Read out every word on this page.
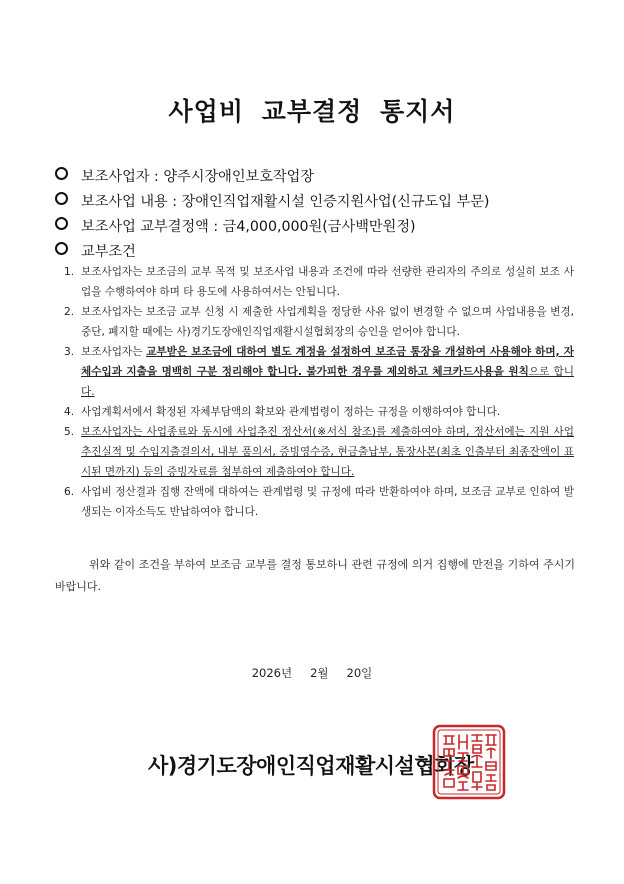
사업비 교부결정 통지서
보조사업자 : 양주시장애인보호작업장
보조사업 내용 : 장애인직업재활시설 인증지원사업(신규도입 부문)
보조사업 교부결정액 : 금4,000,000원(금사백만원정)
교부조건
1. 보조사업자는 보조금의 교부 목적 및 보조사업 내용과 조건에 따라 선량한 관리자의 주의로 성실히 보조 사업을 수행하여야 하며 타 용도에 사용하여서는 안됩니다.
2. 보조사업자는 보조금 교부 신청 시 제출한 사업계획을 정당한 사유 없이 변경할 수 없으며 사업내용을 변경, 중단, 폐지할 때에는 사)경기도장애인직업재활시설협회장의 승인을 얻어야 합니다.
3. 보조사업자는 교부받은 보조금에 대하여 별도 계정을 설정하여 보조금 통장을 개설하여 사용해야 하며, 자체수입과 지출을 명백히 구분 정리해야 합니다. 불가피한 경우를 제외하고 체크카드사용을 원칙으로 합니다.
4. 사업계획서에서 확정된 자체부담액의 확보와 관계법령이 정하는 규정을 이행하여야 합니다.
5. 보조사업자는 사업종료와 동시에 사업추진 정산서(※서식 참조)를 제출하여야 하며, 정산서에는 지원 사업 추진실적 및 수입지출결의서, 내부 품의서, 증빙영수증, 현금출납부, 통장사본(최초 인출부터 최종잔액이 표시된 면까지) 등의 증빙자료를 첨부하여 제출하여야 합니다.
6. 사업비 정산결과 집행 잔액에 대하여는 관계법령 및 규정에 따라 반환하여야 하며, 보조금 교부로 인하여 발생되는 이자소득도 반납하여야 합니다.
위와 같이 조건을 부하여 보조금 교부를 결정 통보하니 관련 규정에 의거 집행에 만전을 기하여 주시기 바랍니다.
2026년 2월 20일
사)경기도장애인직업재활시설협회장
